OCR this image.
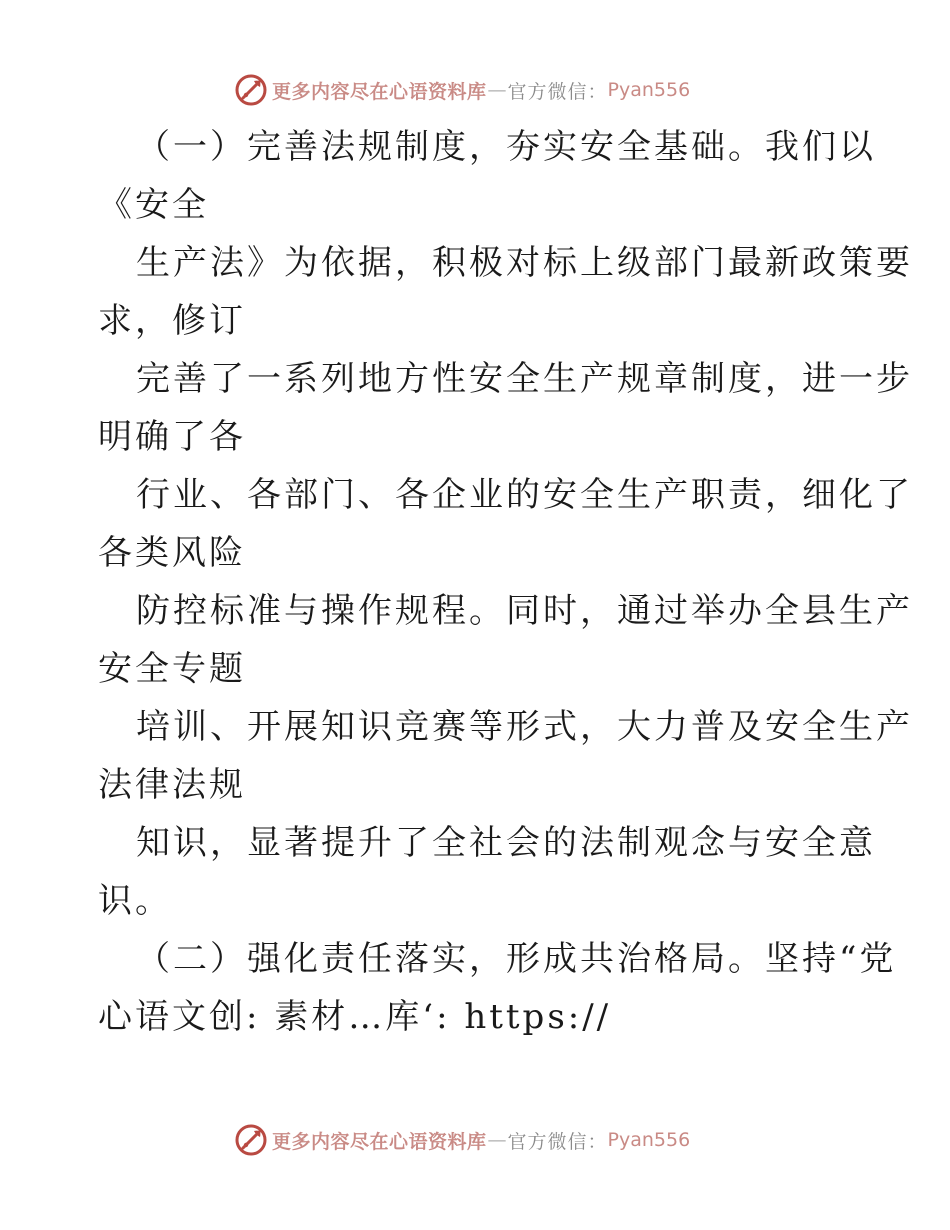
更多内容尽在心语资料库 — 官方微信： Pyan556
（一）完善法规制度，夯实安全基础。我们以
《安全
生产法》为依据，积极对标上级部门最新政策要
求，修订
完善了一系列地方性安全生产规章制度，进一步
明确了各
行业、各部门、各企业的安全生产职责，细化了
各类风险
防控标准与操作规程。同时，通过举办全县生产
安全专题
培训、开展知识竞赛等形式，大力普及安全生产
法律法规
知识，显著提升了全社会的法制观念与安全意
识。
（二）强化责任落实，形成共治格局。坚持“党
心语文创: 素材…库‘: https://
更多内容尽在心语资料库 — 官方微信： Pyan556
